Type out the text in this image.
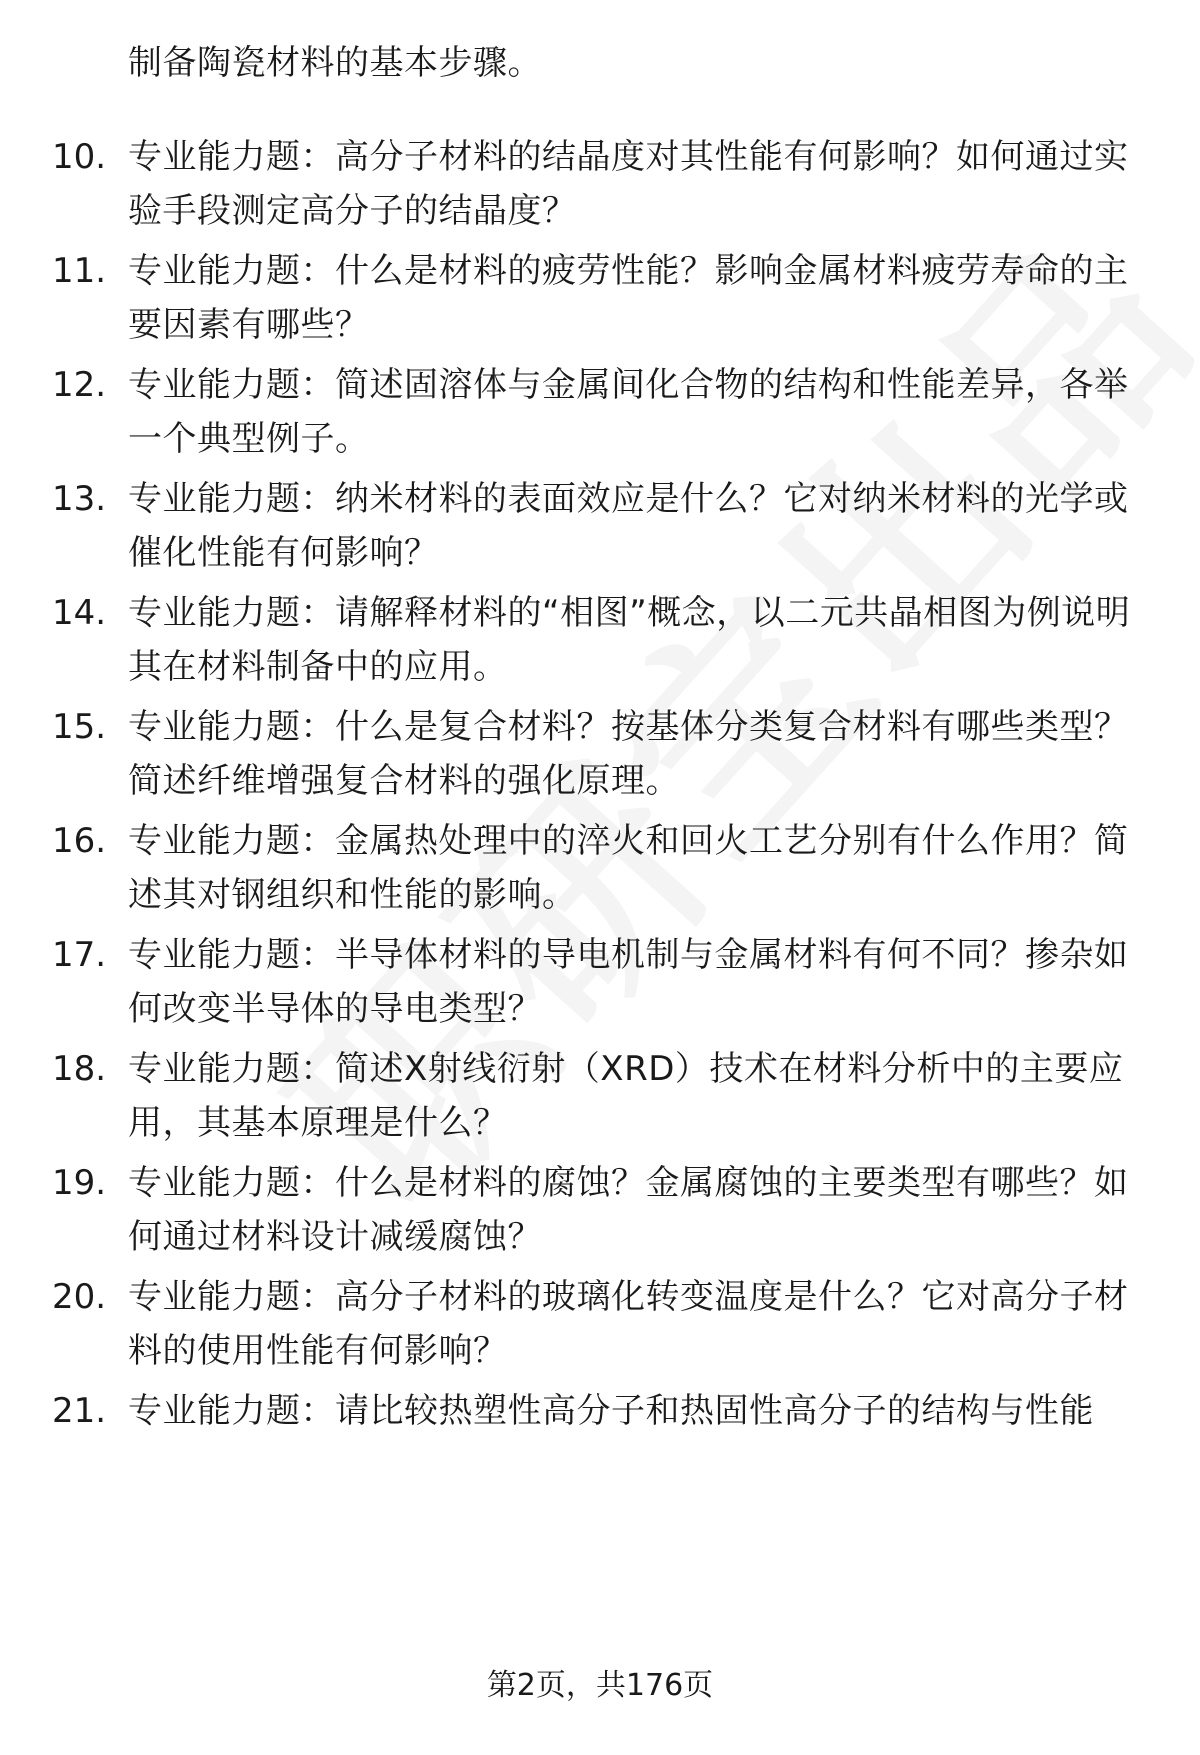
制备陶瓷材料的基本步骤。

10. 专业能力题：高分子材料的结晶度对其性能有何影响？如何通过实验手段测定高分子的结晶度？
11. 专业能力题：什么是材料的疲劳性能？影响金属材料疲劳寿命的主要因素有哪些？
12. 专业能力题：简述固溶体与金属间化合物的结构和性能差异，各举一个典型例子。
13. 专业能力题：纳米材料的表面效应是什么？它对纳米材料的光学或催化性能有何影响？
14. 专业能力题：请解释材料的“相图”概念，以二元共晶相图为例说明其在材料制备中的应用。
15. 专业能力题：什么是复合材料？按基体分类复合材料有哪些类型？简述纤维增强复合材料的强化原理。
16. 专业能力题：金属热处理中的淬火和回火工艺分别有什么作用？简述其对钢组织和性能的影响。
17. 专业能力题：半导体材料的导电机制与金属材料有何不同？掺杂如何改变半导体的导电类型？
18. 专业能力题：简述X射线衍射（XRD）技术在材料分析中的主要应用，其基本原理是什么？
19. 专业能力题：什么是材料的腐蚀？金属腐蚀的主要类型有哪些？如何通过材料设计减缓腐蚀？
20. 专业能力题：高分子材料的玻璃化转变温度是什么？它对高分子材料的使用性能有何影响？
21. 专业能力题：请比较热塑性高分子和热固性高分子的结构与性能
第2页，共176页
